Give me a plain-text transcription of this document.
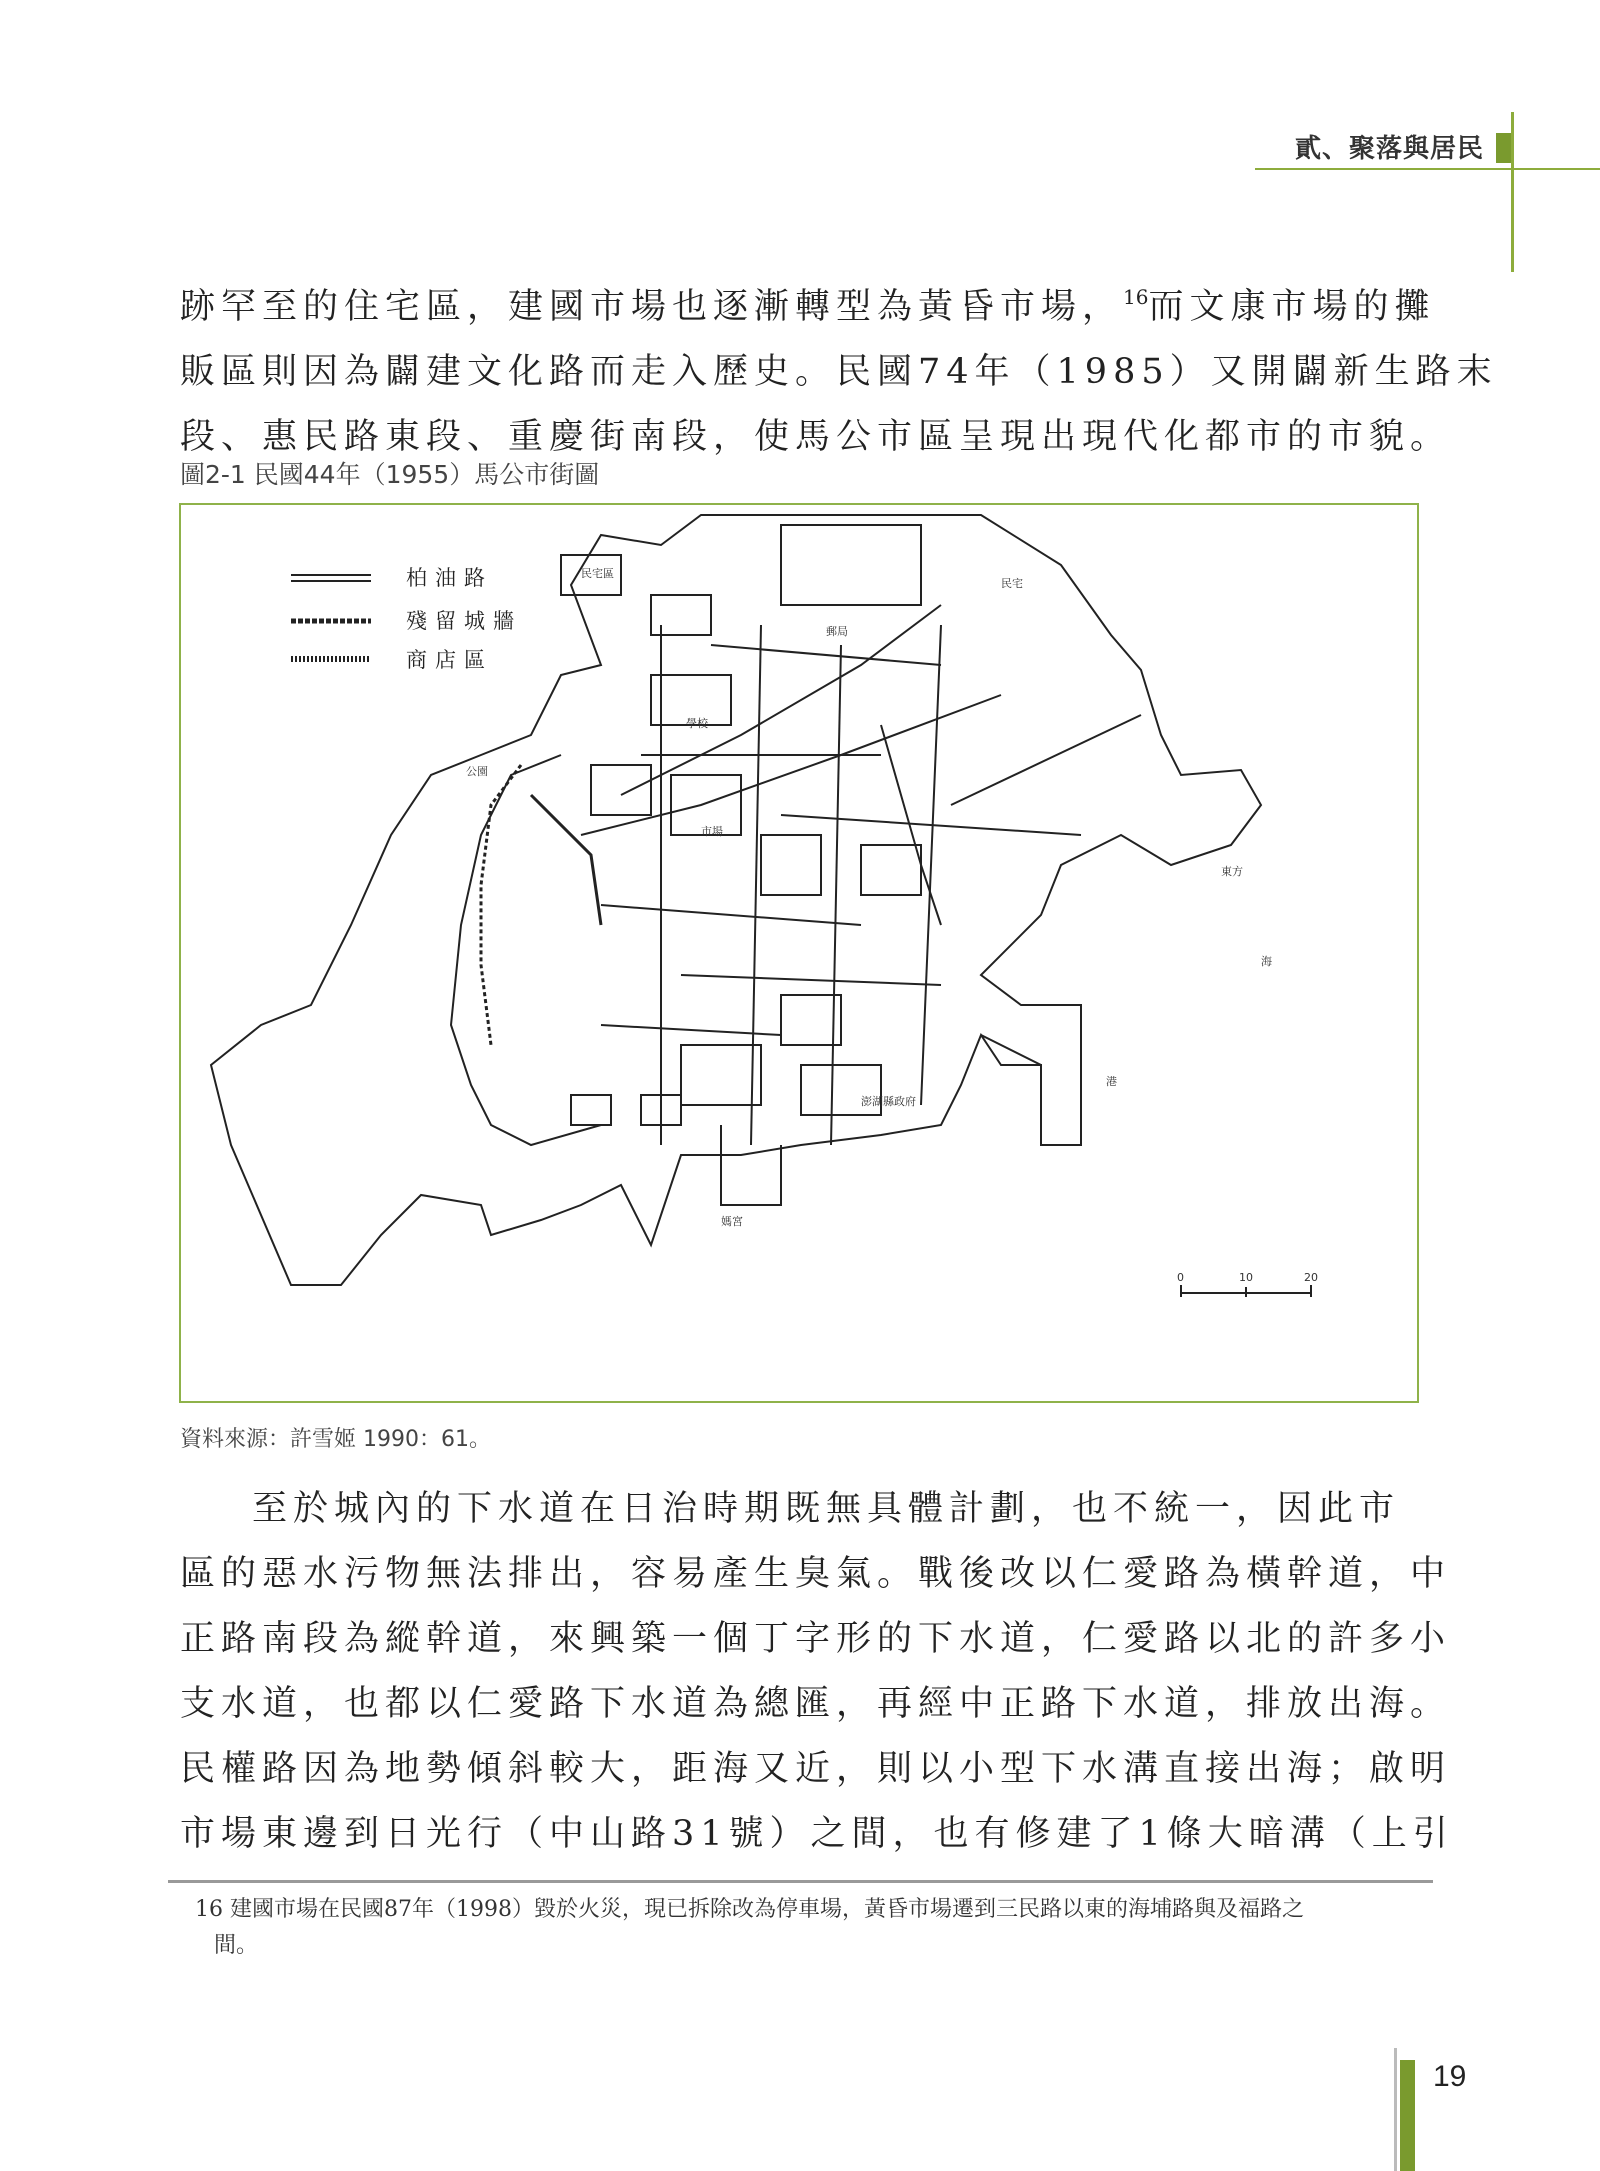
貳、聚落與居民

跡罕至的住宅區，建國市場也逐漸轉型為黃昏市場，$^{16}$而文康市場的攤

販區則因為闢建文化路而走入歷史。民國74年（1985）又開闢新生路末

段、惠民路東段、重慶街南段，使馬公市區呈現出現代化都市的市貌。

圖2-1 民國44年（1955）馬公市街圖
柏油路
殘留城牆
商店區
民宅
民宅區
郵局
學校
公園
市場
東方
海
港
澎湖縣政府
媽宮
0	10	20
資料來源：許雪姬 1990：61。

至於城內的下水道在日治時期既無具體計劃，也不統一，因此市

區的惡水污物無法排出，容易產生臭氣。戰後改以仁愛路為橫幹道，中

正路南段為縱幹道，來興築一個丁字形的下水道，仁愛路以北的許多小

支水道，也都以仁愛路下水道為總匯，再經中正路下水道，排放出海。

民權路因為地勢傾斜較大，距海又近，則以小型下水溝直接出海；啟明

市場東邊到日光行（中山路31號）之間，也有修建了1條大暗溝（上引

16 建國市場在民國87年（1998）毀於火災，現已拆除改為停車場，黃昏市場遷到三民路以東的海埔路與及福路之
間。
19
